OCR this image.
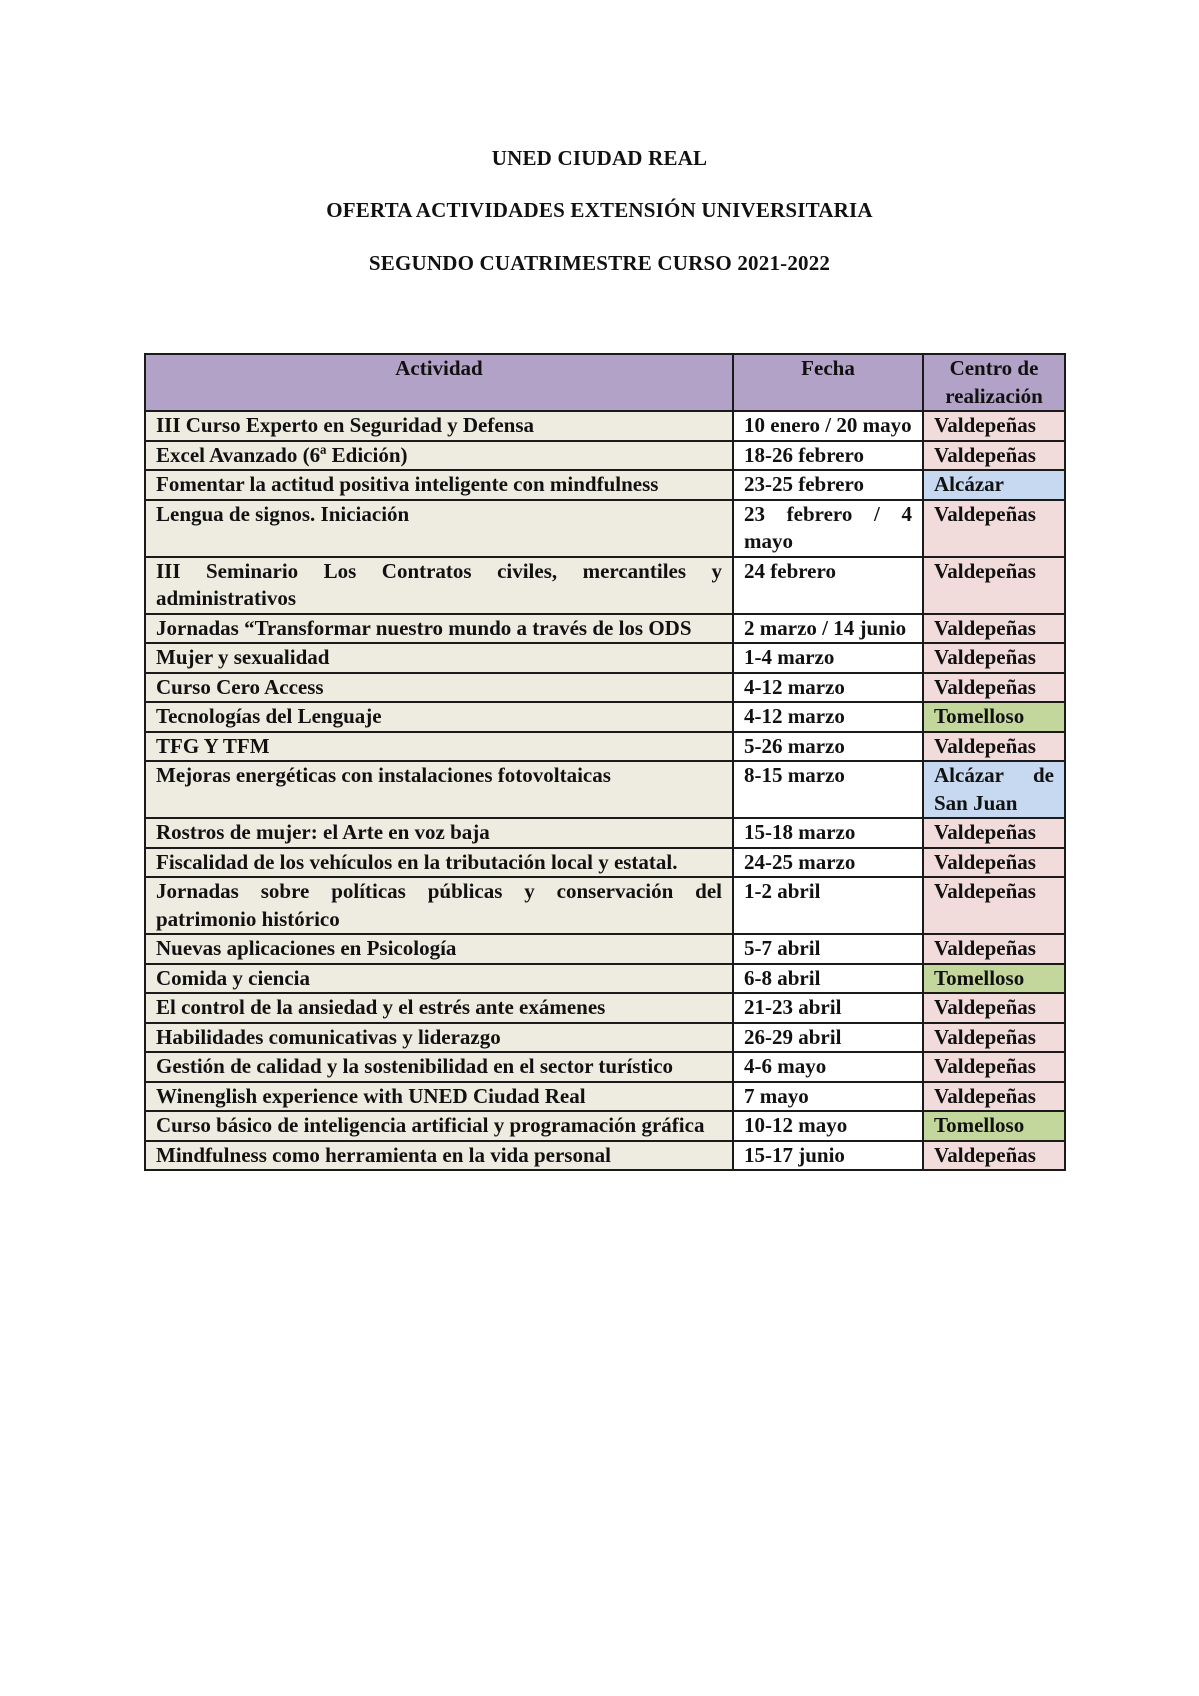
UNED CIUDAD REAL
OFERTA ACTIVIDADES EXTENSIÓN UNIVERSITARIA
SEGUNDO CUATRIMESTRE CURSO 2021-2022
Actividad	Fecha	Centro de realización
III Curso Experto en Seguridad y Defensa	10 enero / 20 mayo	Valdepeñas
Excel Avanzado (6ª Edición)	18-26 febrero	Valdepeñas
Fomentar la actitud positiva inteligente con mindfulness	23-25 febrero	Alcázar
Lengua de signos. Iniciación	23 febrero / 4 mayo	Valdepeñas
III Seminario Los Contratos civiles, mercantiles y administrativos	24 febrero	Valdepeñas
Jornadas “Transformar nuestro mundo a través de los ODS	2 marzo / 14 junio	Valdepeñas
Mujer y sexualidad	1-4 marzo	Valdepeñas
Curso Cero Access	4-12 marzo	Valdepeñas
Tecnologías del Lenguaje	4-12 marzo	Tomelloso
TFG Y TFM	5-26 marzo	Valdepeñas
Mejoras energéticas con instalaciones fotovoltaicas	8-15 marzo	Alcázar de San Juan
Rostros de mujer: el Arte en voz baja	15-18 marzo	Valdepeñas
Fiscalidad de los vehículos en la tributación local y estatal.	24-25 marzo	Valdepeñas
Jornadas sobre políticas públicas y conservación del patrimonio histórico	1-2 abril	Valdepeñas
Nuevas aplicaciones en Psicología	5-7 abril	Valdepeñas
Comida y ciencia	6-8 abril	Tomelloso
El control de la ansiedad y el estrés ante exámenes	21-23 abril	Valdepeñas
Habilidades comunicativas y liderazgo	26-29 abril	Valdepeñas
Gestión de calidad y la sostenibilidad en el sector turístico	4-6 mayo	Valdepeñas
Winenglish experience with UNED Ciudad Real	7 mayo	Valdepeñas
Curso básico de inteligencia artificial y programación gráfica	10-12 mayo	Tomelloso
Mindfulness como herramienta en la vida personal	15-17 junio	Valdepeñas
